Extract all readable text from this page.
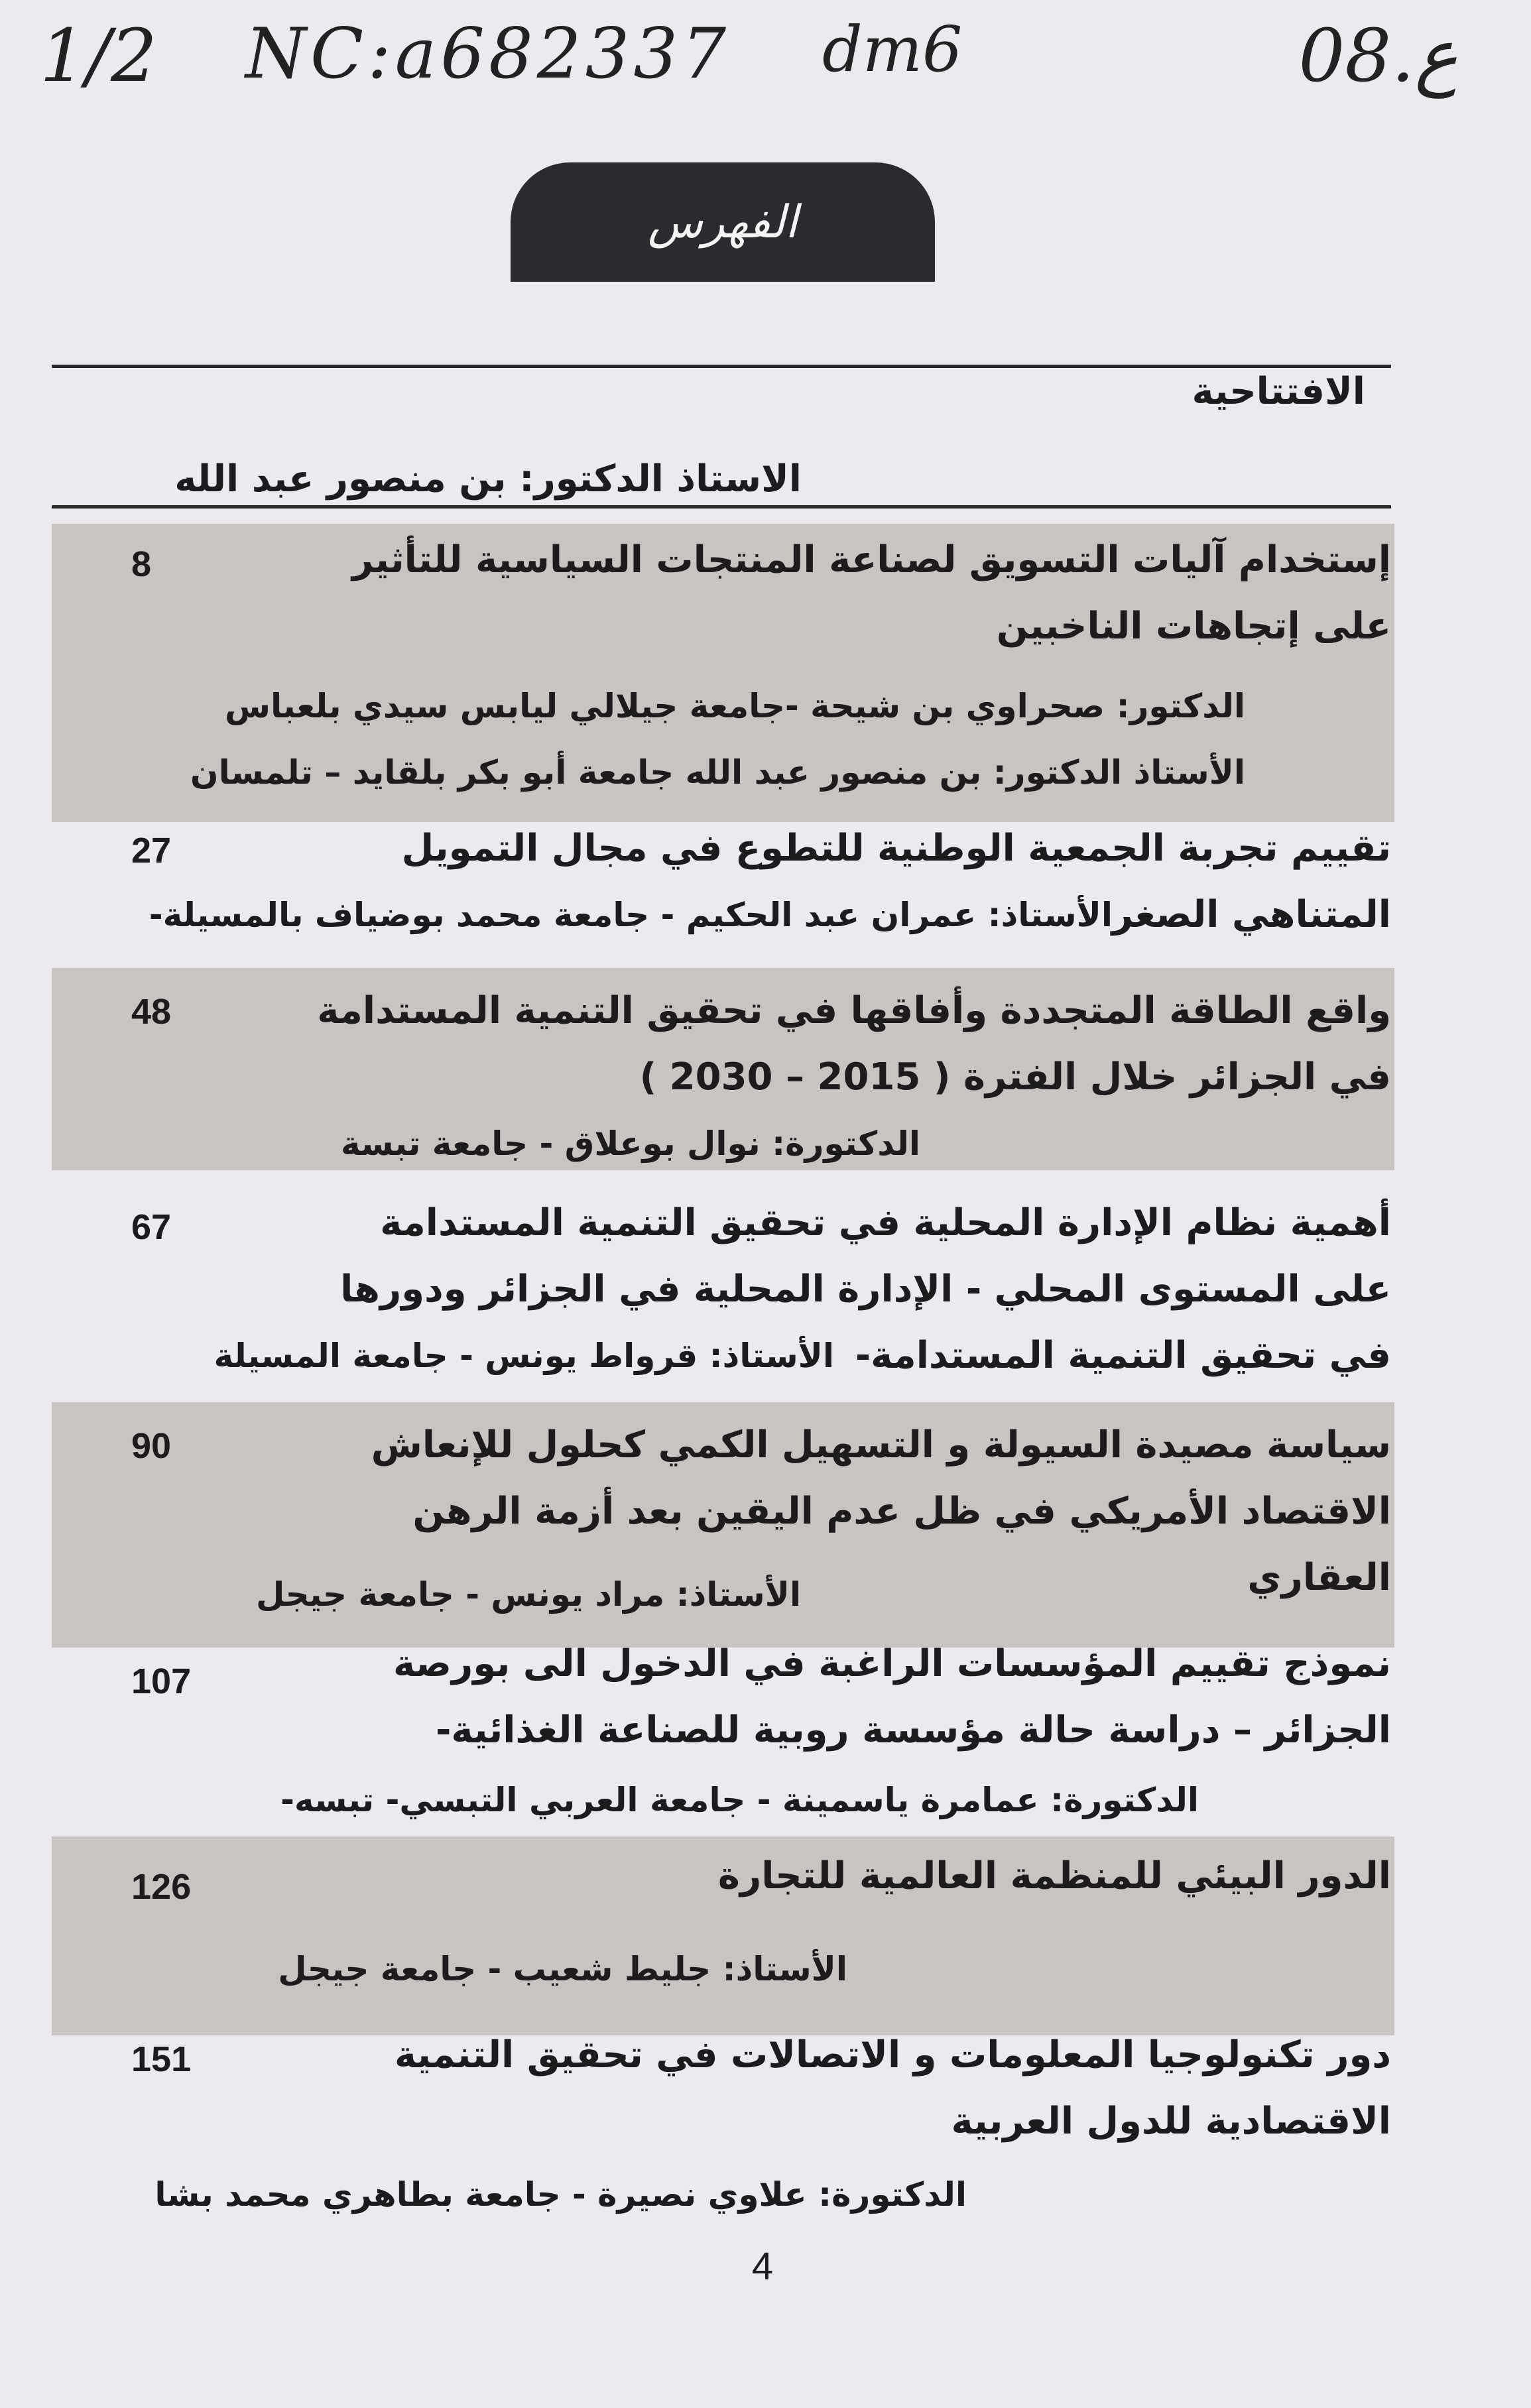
1/2 NC:a682337 dm6	08.ع
الفهرس
الافتتاحية
الاستاذ الدكتور: بن منصور عبد الله
إستخدام آليات التسويق لصناعة المنتجات السياسية للتأثير على إتجاهات الناخبين
الدكتور: صحراوي بن شيحة -جامعة جيلالي ليابس سيدي بلعباس
الأستاذ الدكتور: بن منصور عبد الله جامعة أبو بكر بلقايد – تلمسان
8
تقييم تجربة الجمعية الوطنية للتطوع في مجال التمويل المتناهي الصغر
الأستاذ: عمران عبد الحكيم - جامعة محمد بوضياف بالمسيلة-
27
واقع الطاقة المتجددة وأفاقها في تحقيق التنمية المستدامة في الجزائر خلال الفترة ( 2015 – 2030 )
الدكتورة: نوال بوعلاق - جامعة تبسة
48
أهمية نظام الإدارة المحلية في تحقيق التنمية المستدامة على المستوى المحلي - الإدارة المحلية في الجزائر ودورها في تحقيق التنمية المستدامة-
الأستاذ: قرواط يونس - جامعة المسيلة
67
سياسة مصيدة السيولة و التسهيل الكمي كحلول للإنعاش الاقتصاد الأمريكي في ظل عدم اليقين بعد أزمة الرهن العقاري
الأستاذ: مراد يونس - جامعة جيجل
90
نموذج تقييم المؤسسات الراغبة في الدخول الى بورصة الجزائر – دراسة حالة مؤسسة روبية للصناعة الغذائية-
الدكتورة: عمامرة ياسمينة - جامعة العربي التبسي- تبسه-
107
الدور البيئي للمنظمة العالمية للتجارة
الأستاذ: جليط شعيب - جامعة جيجل
126
دور تكنولوجيا المعلومات و الاتصالات في تحقيق التنمية الاقتصادية للدول العربية
الدكتورة: علاوي نصيرة - جامعة بطاهري محمد بشا
151
4
